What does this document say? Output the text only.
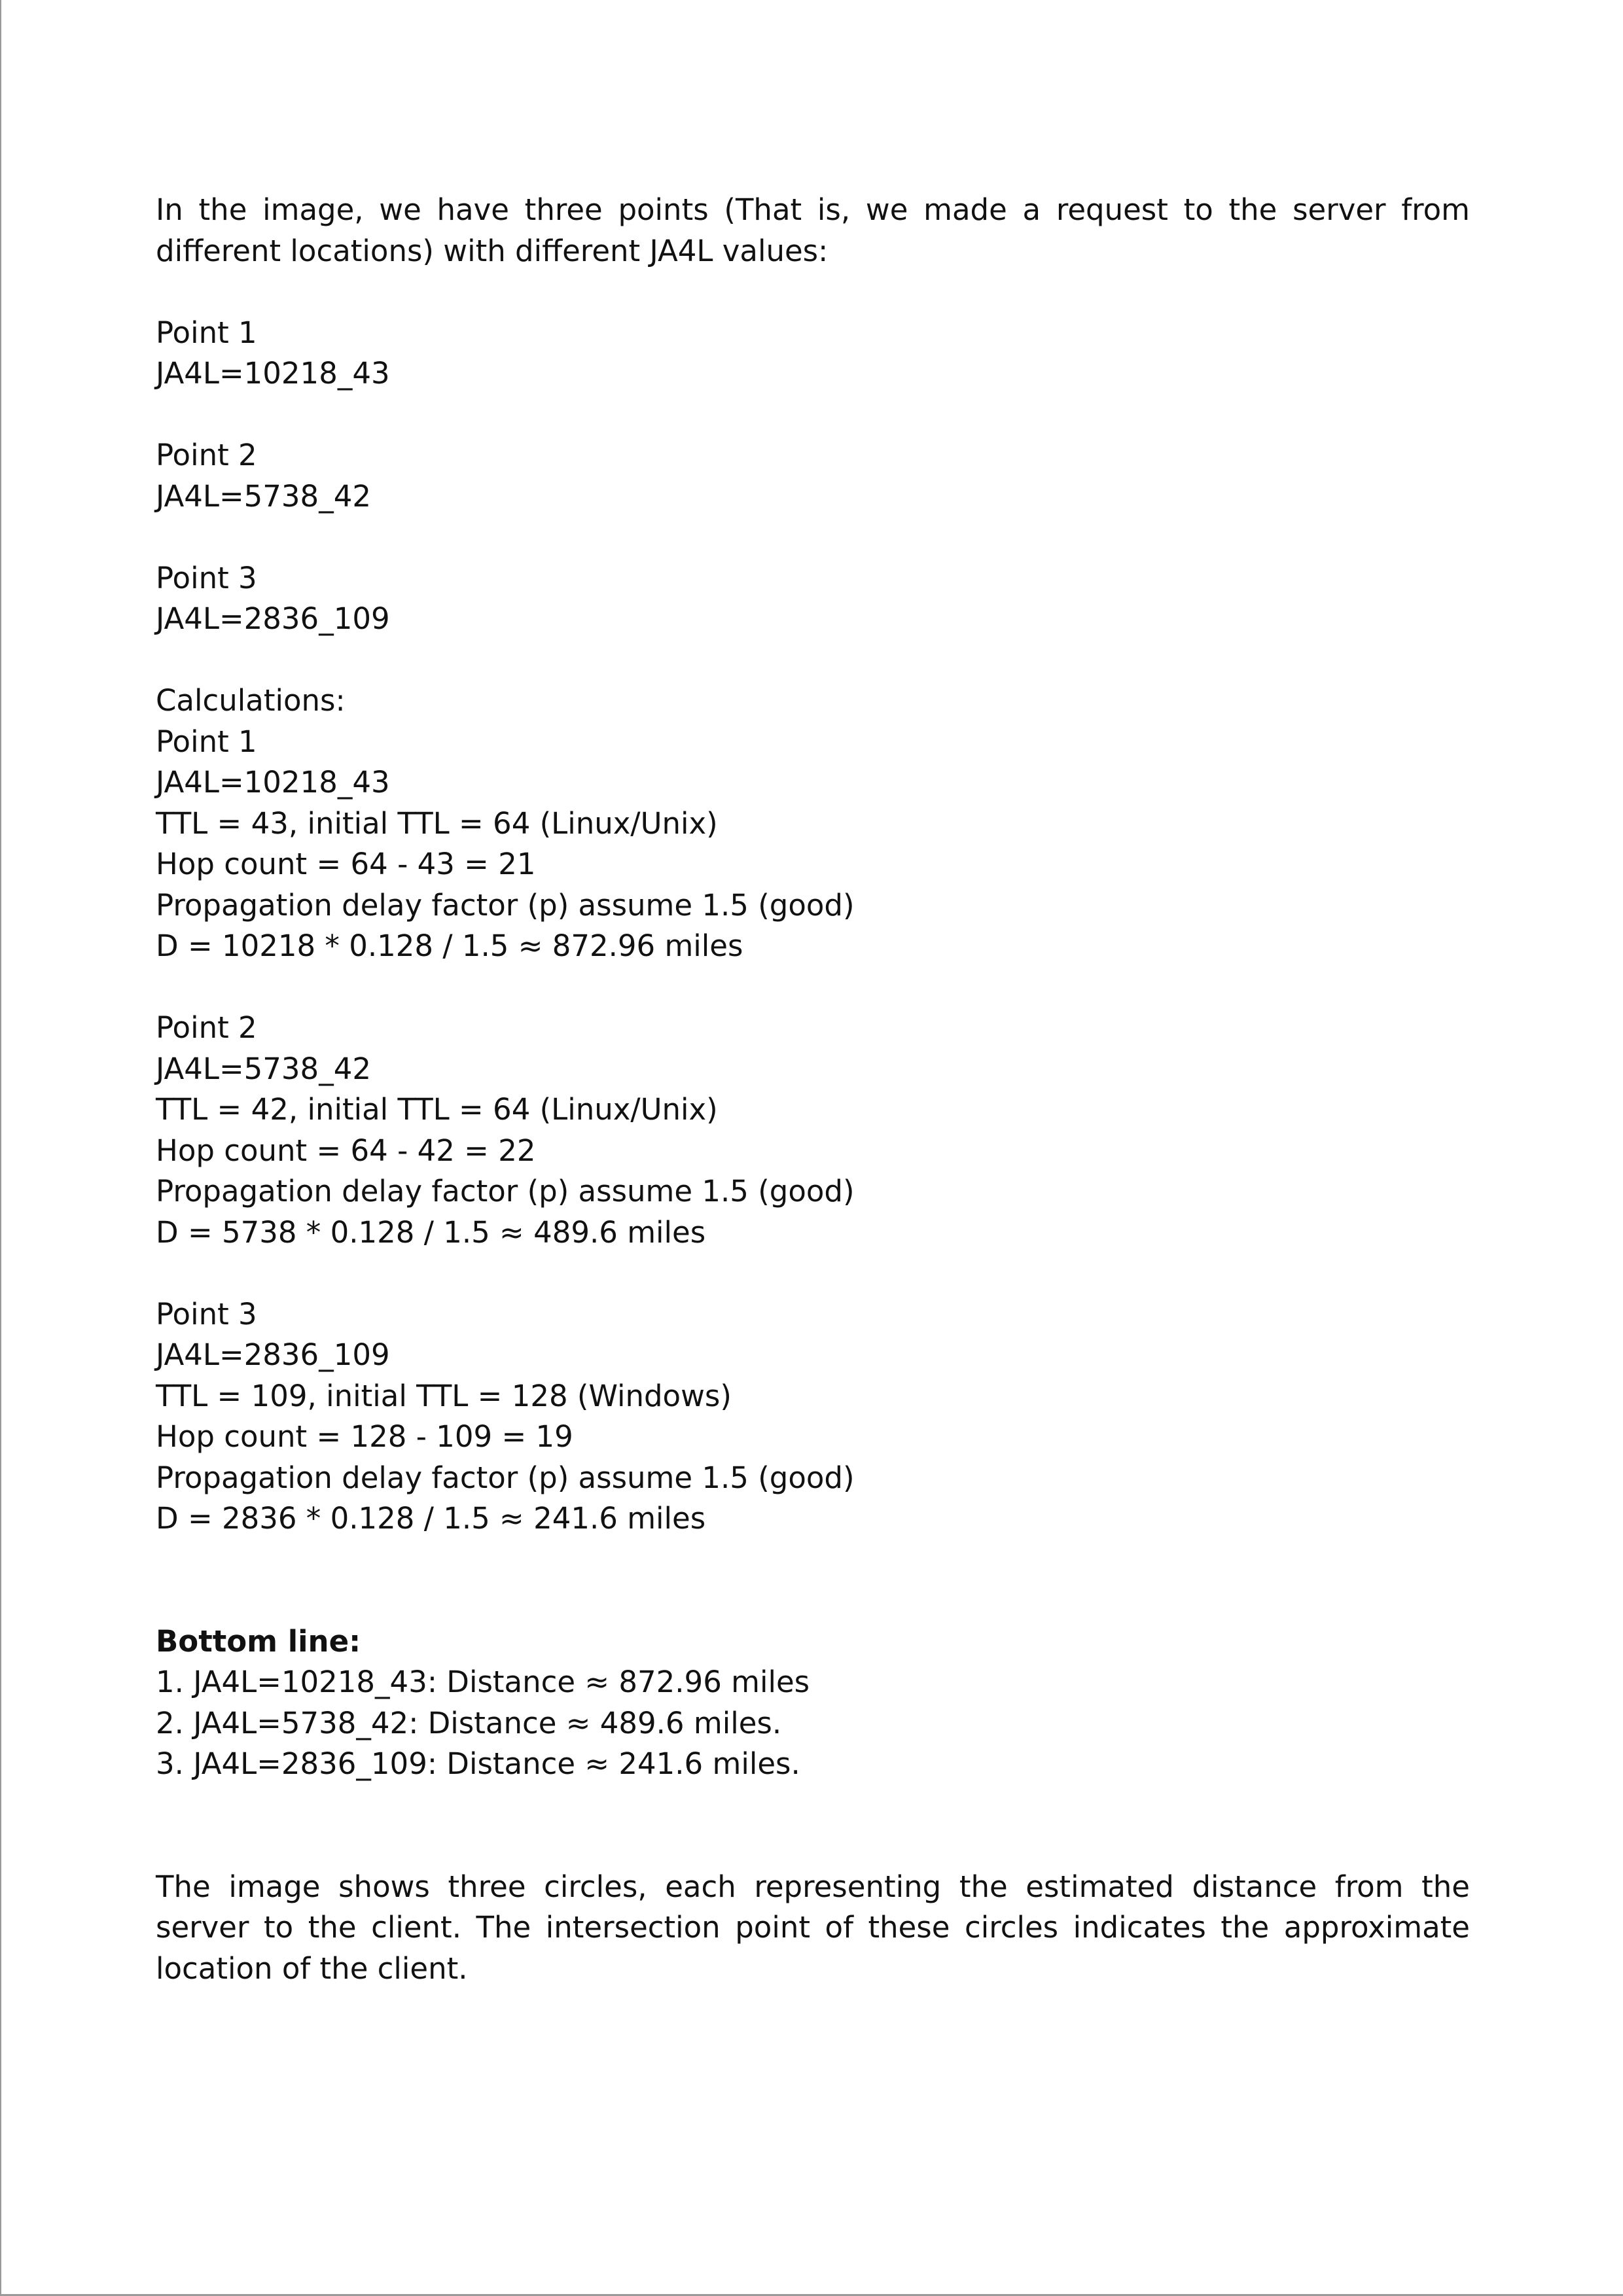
In the image, we have three points (That is, we made a request to the server from different locations) with different JA4L values:

Point 1
JA4L=10218_43
Point 2
JA4L=5738_42
Point 3
JA4L=2836_109
Calculations:
Point 1
JA4L=10218_43
TTL = 43, initial TTL = 64 (Linux/Unix)
Hop count = 64 - 43 = 21
Propagation delay factor (p) assume 1.5 (good)
D = 10218 * 0.128 / 1.5 ≈ 872.96 miles
Point 2
JA4L=5738_42
TTL = 42, initial TTL = 64 (Linux/Unix)
Hop count = 64 - 42 = 22
Propagation delay factor (p) assume 1.5 (good)
D = 5738 * 0.128 / 1.5 ≈ 489.6 miles
Point 3
JA4L=2836_109
TTL = 109, initial TTL = 128 (Windows)
Hop count = 128 - 109 = 19
Propagation delay factor (p) assume 1.5 (good)
D = 2836 * 0.128 / 1.5 ≈ 241.6 miles
Bottom line:
1. JA4L=10218_43: Distance ≈ 872.96 miles
2. JA4L=5738_42: Distance ≈ 489.6 miles.
3. JA4L=2836_109: Distance ≈ 241.6 miles.

The image shows three circles, each representing the estimated distance from the server to the client. The intersection point of these circles indicates the approximate location of the client.
